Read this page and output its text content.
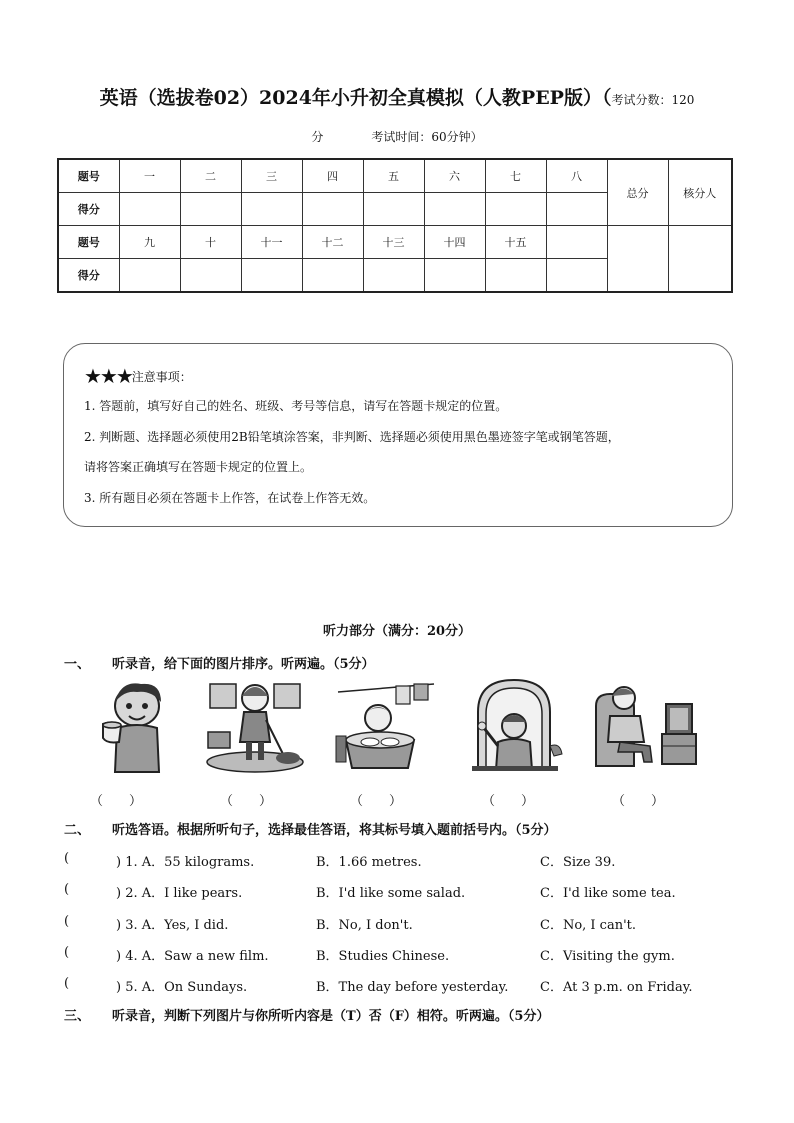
英语（选拔卷02）2024年小升初全真模拟（人教PEP版）（考试分数：120
分	考试时间：60分钟）
题号	一	二	三	四	五	六	七	八	总分	核分人
得分										
题号	九	十	十一	十二	十三	十四	十五			
得分										
★★★注意事项：
1. 答题前，填写好自己的姓名、班级、考号等信息，请写在答题卡规定的位置。
2. 判断题、选择题必须使用2B铅笔填涂答案，非判断、选择题必须使用黑色墨迹签字笔或钢笔答题，
请将答案正确填写在答题卡规定的位置上。
3. 所有题目必须在答题卡上作答，在试卷上作答无效。
听力部分（满分：20分）
一、 听录音，给下面的图片排序。听两遍。（5分）
（　　）	（　　）	（　　）	（　　）	（　　）
二、 听选答语。根据所听句子，选择最佳答语，将其标号填入题前括号内。（5分）
(	) 1. A．55 kilograms.	B．1.66 metres.	C．Size 39.
(	) 2. A．I like pears.	B．I'd like some salad.	C．I'd like some tea.
(	) 3. A．Yes, I did.	B．No, I don't.	C．No, I can't.
(	) 4. A．Saw a new film.	B．Studies Chinese.	C．Visiting the gym.
(	) 5. A．On Sundays.	B．The day before yesterday. C．At 3 p.m. on Friday.
三、 听录音，判断下列图片与你所听内容是（T）否（F）相符。听两遍。（5分）
